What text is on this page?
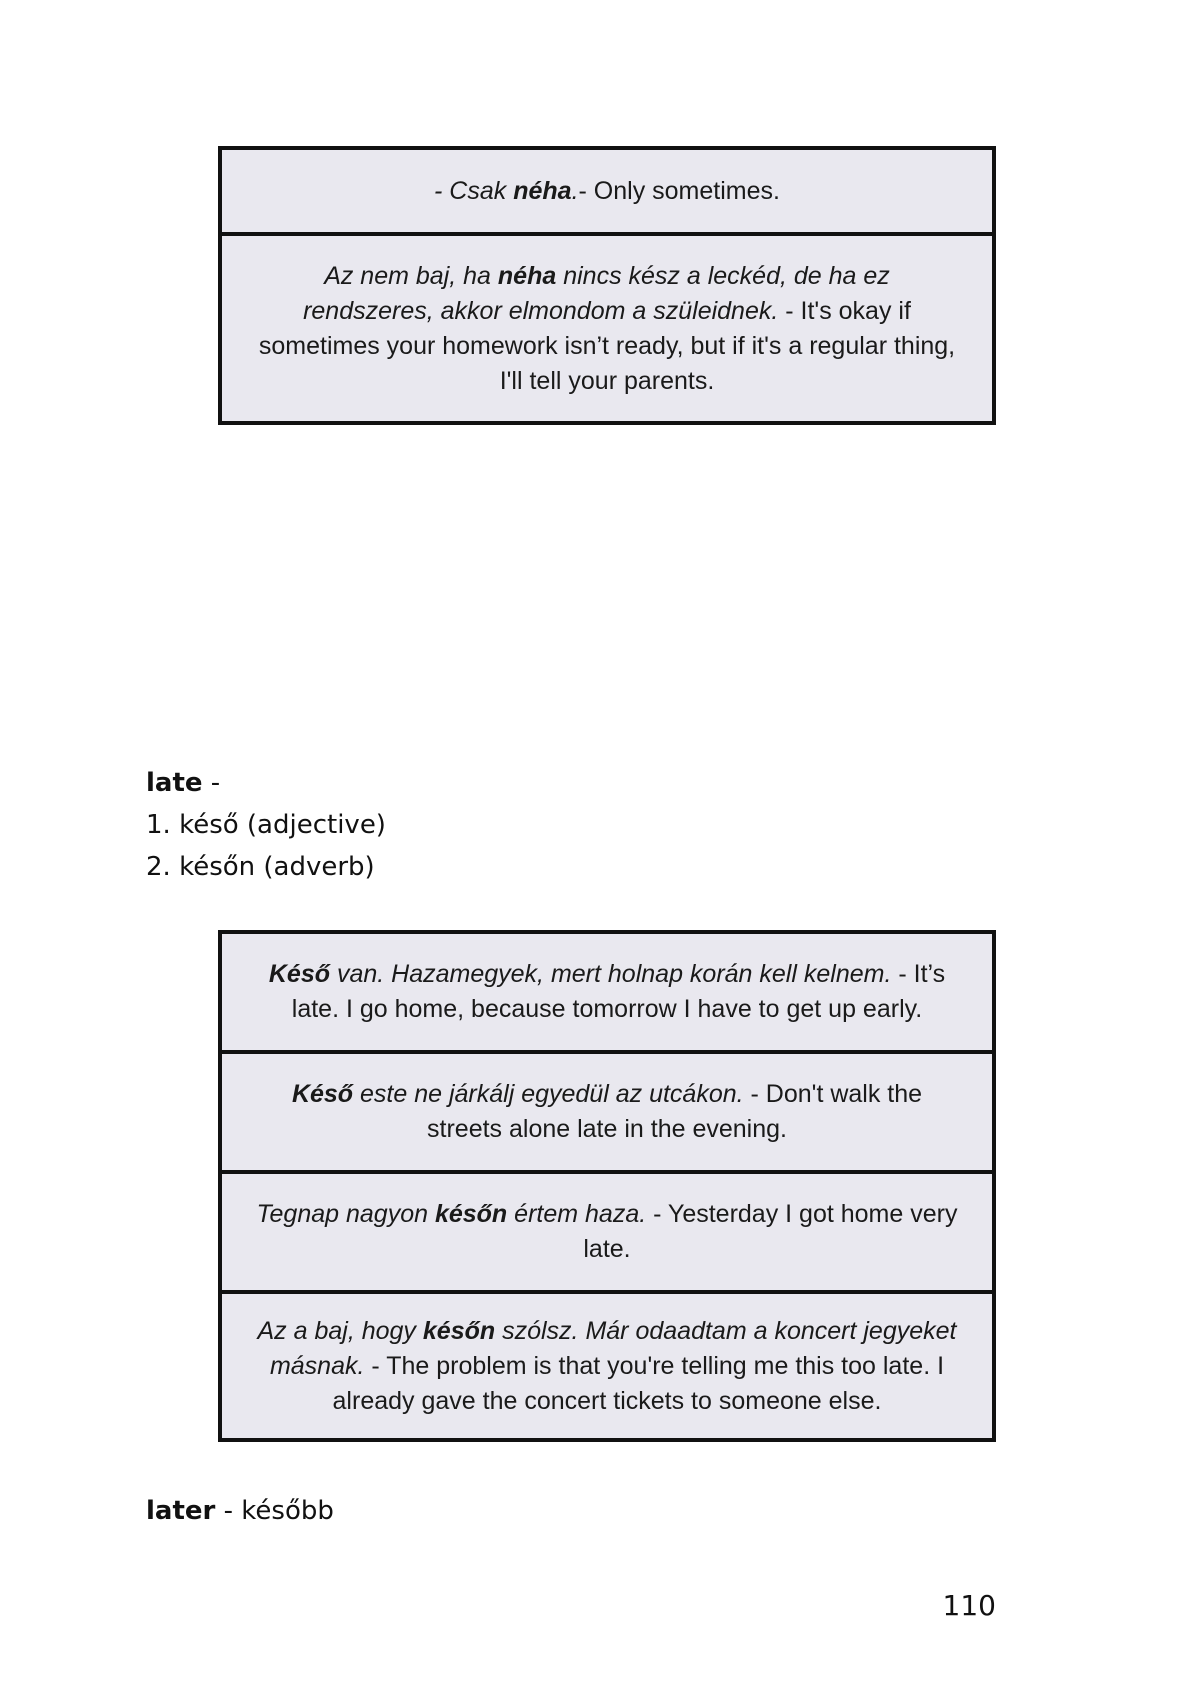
- Csak néha.- Only sometimes.
Az nem baj, ha néha nincs kész a leckéd, de ha ez rendszeres, akkor elmondom a szüleidnek. - It's okay if sometimes your homework isn’t ready, but if it's a regular thing, I'll tell your parents.
late -
1. késő (adjective)
2. későn (adverb)
Késő van. Hazamegyek, mert holnap korán kell kelnem. - It’s late. I go home, because tomorrow I have to get up early.
Késő este ne járkálj egyedül az utcákon. - Don't walk the streets alone late in the evening.
Tegnap nagyon későn értem haza. - Yesterday I got home very late.
Az a baj, hogy későn szólsz. Már odaadtam a koncert jegyeket másnak. - The problem is that you're telling me this too late. I already gave the concert tickets to someone else.
later - később
110
